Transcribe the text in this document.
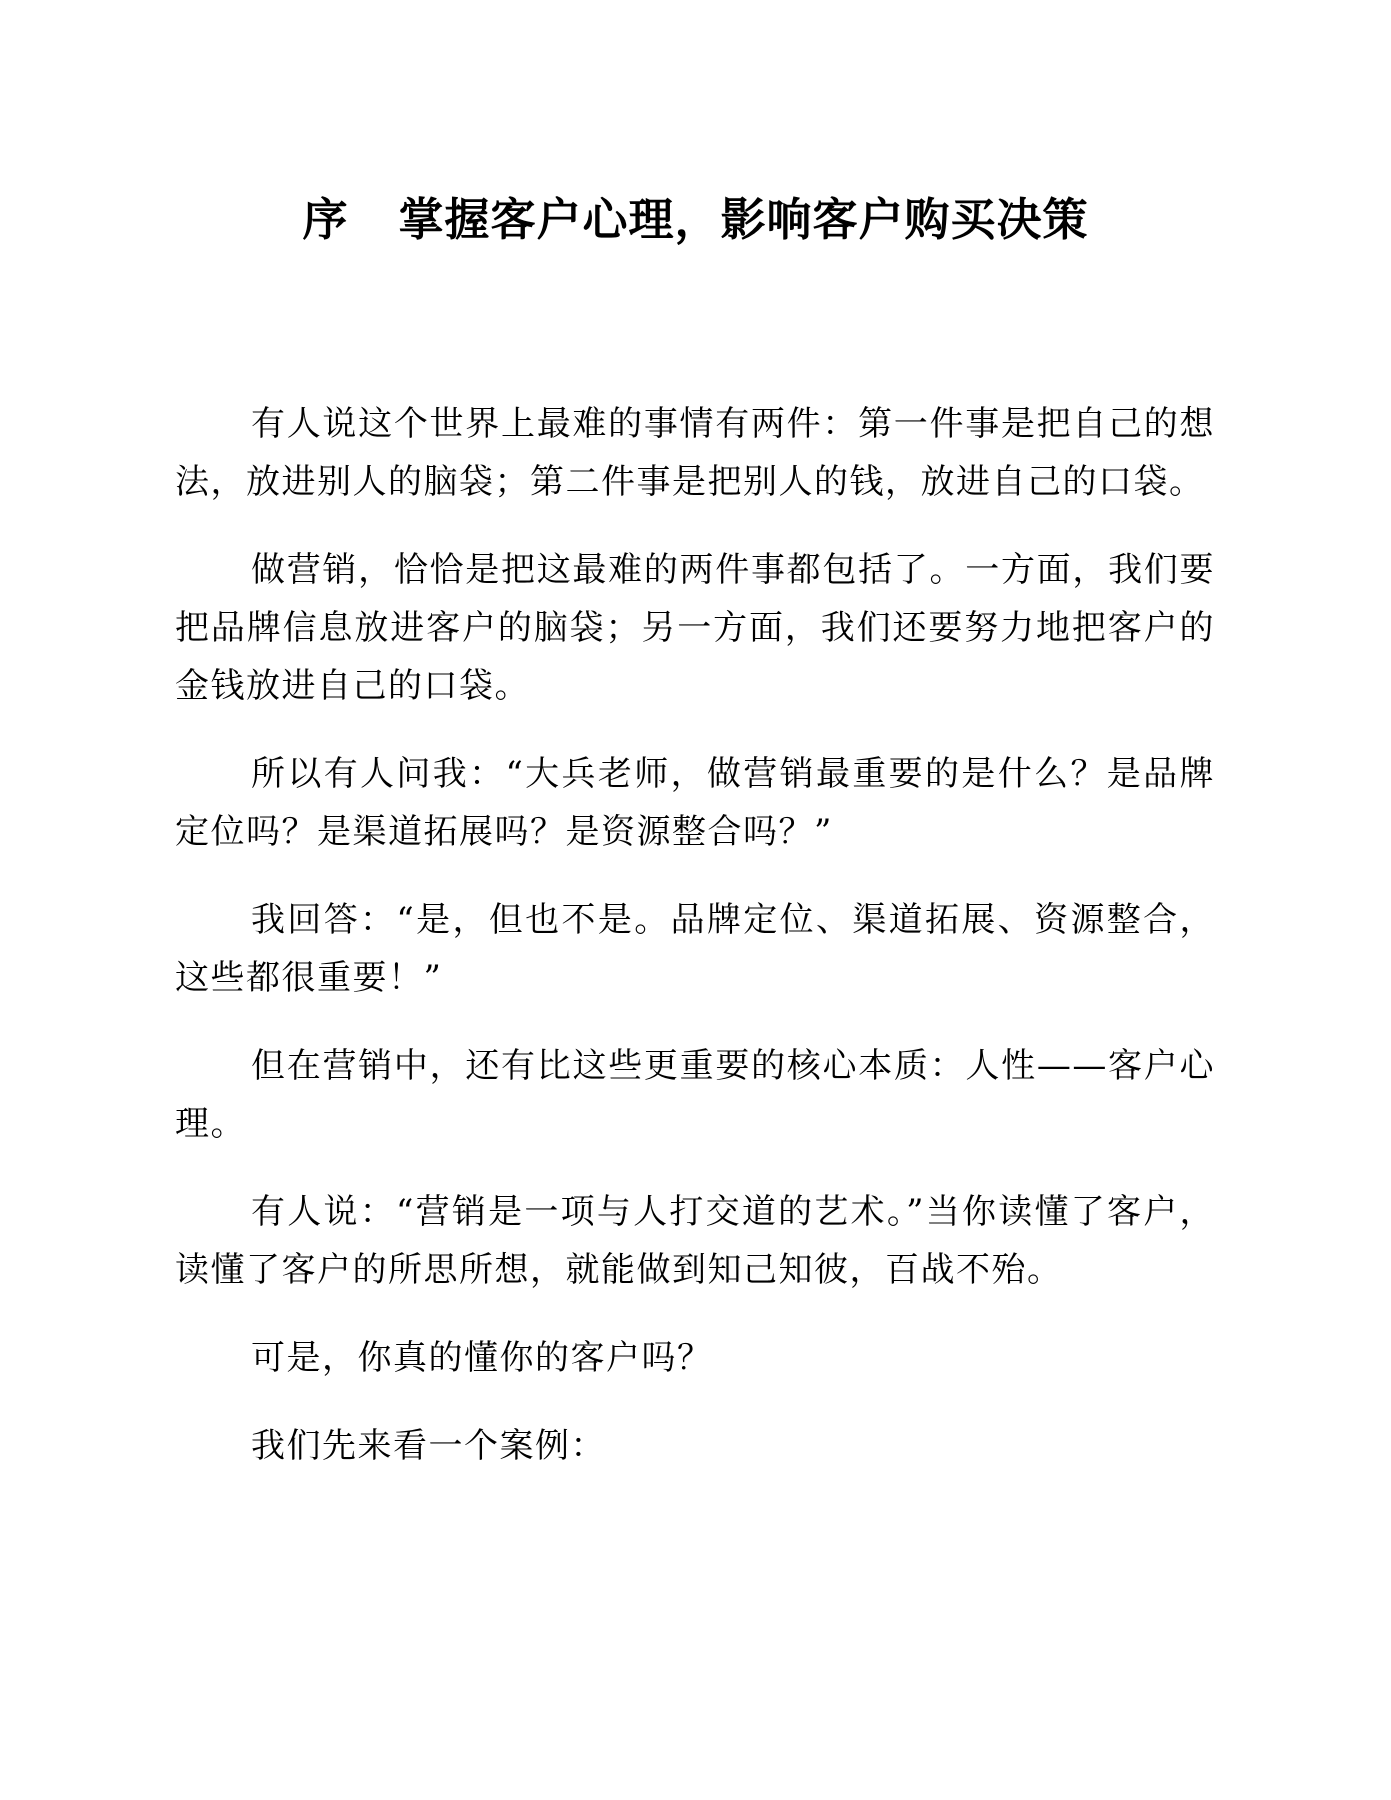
序 掌握客户心理，影响客户购买决策

有人说这个世界上最难的事情有两件：第一件事是把自己的想法，放进别人的脑袋；第二件事是把别人的钱，放进自己的口袋。

做营销，恰恰是把这最难的两件事都包括了。一方面，我们要把品牌信息放进客户的脑袋；另一方面，我们还要努力地把客户的金钱放进自己的口袋。

所以有人问我：“大兵老师，做营销最重要的是什么？是品牌定位吗？是渠道拓展吗？是资源整合吗？”

我回答：“是，但也不是。品牌定位、渠道拓展、资源整合，这些都很重要！”

但在营销中，还有比这些更重要的核心本质：人性——客户心理。

有人说：“营销是一项与人打交道的艺术。”当你读懂了客户，读懂了客户的所思所想，就能做到知己知彼，百战不殆。

可是，你真的懂你的客户吗？

我们先来看一个案例：
